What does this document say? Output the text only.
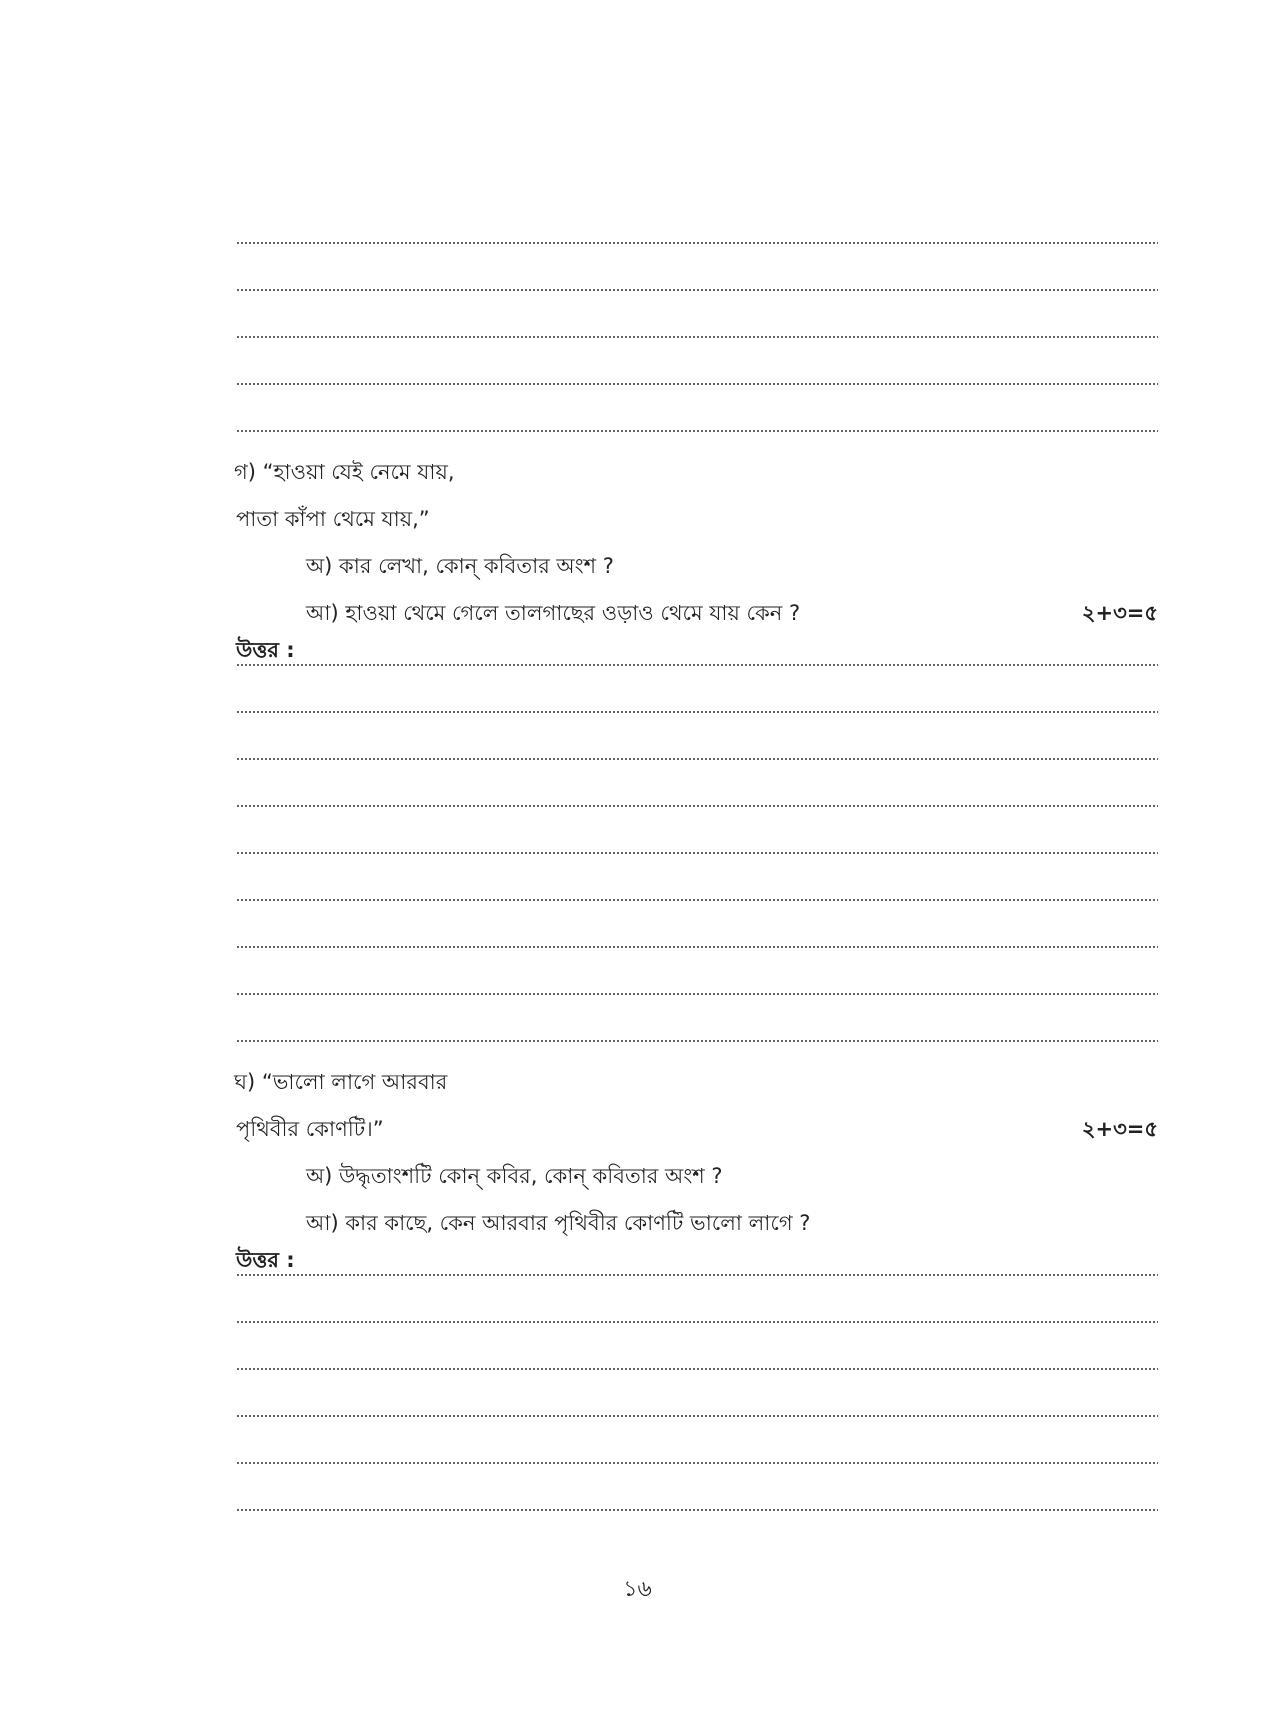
গ) “হাওয়া যেই নেমে যায়,
পাতা কাঁপা থেমে যায়,”
অ) কার লেখা, কোন্ কবিতার অংশ ?
আ) হাওয়া থেমে গেলে তালগাছের ওড়াও থেমে যায় কেন ?	২+৩=৫
উত্তর :
ঘ) “ভালো লাগে আরবার
পৃথিবীর কোণটি।”	২+৩=৫
অ) উদ্ধৃতাংশটি কোন্ কবির, কোন্ কবিতার অংশ ?
আ) কার কাছে, কেন আরবার পৃথিবীর কোণটি ভালো লাগে ?
উত্তর :
১৬
